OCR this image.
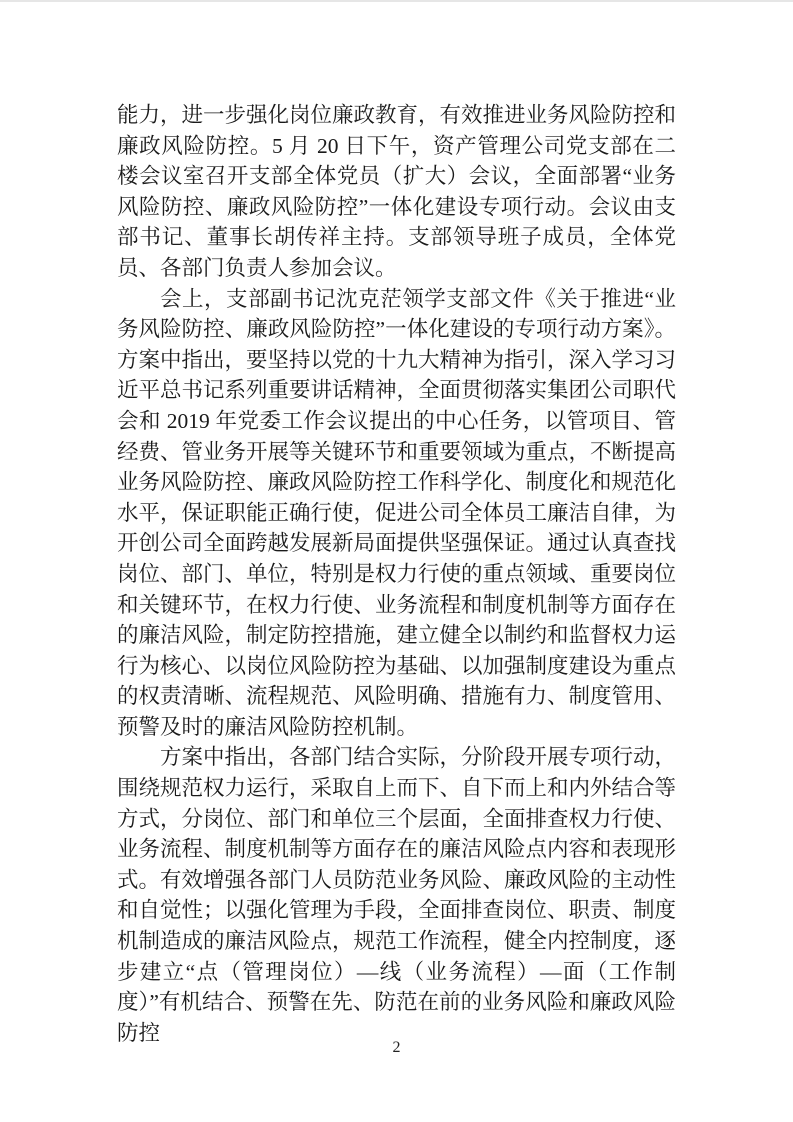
能力，进一步强化岗位廉政教育，有效推进业务风险防控和廉政风险防控。5 月 20 日下午，资产管理公司党支部在二楼会议室召开支部全体党员（扩大）会议，全面部署“业务风险防控、廉政风险防控”一体化建设专项行动。会议由支部书记、董事长胡传祥主持。支部领导班子成员，全体党员、各部门负责人参加会议。

会上，支部副书记沈克茫领学支部文件《关于推进“业务风险防控、廉政风险防控”一体化建设的专项行动方案》。方案中指出，要坚持以党的十九大精神为指引，深入学习习近平总书记系列重要讲话精神，全面贯彻落实集团公司职代会和 2019 年党委工作会议提出的中心任务，以管项目、管经费、管业务开展等关键环节和重要领域为重点，不断提高业务风险防控、廉政风险防控工作科学化、制度化和规范化水平，保证职能正确行使，促进公司全体员工廉洁自律，为开创公司全面跨越发展新局面提供坚强保证。通过认真查找岗位、部门、单位，特别是权力行使的重点领域、重要岗位和关键环节，在权力行使、业务流程和制度机制等方面存在的廉洁风险，制定防控措施，建立健全以制约和监督权力运行为核心、以岗位风险防控为基础、以加强制度建设为重点的权责清晰、流程规范、风险明确、措施有力、制度管用、预警及时的廉洁风险防控机制。

方案中指出，各部门结合实际，分阶段开展专项行动，围绕规范权力运行，采取自上而下、自下而上和内外结合等方式，分岗位、部门和单位三个层面，全面排查权力行使、业务流程、制度机制等方面存在的廉洁风险点内容和表现形式。有效增强各部门人员防范业务风险、廉政风险的主动性和自觉性；以强化管理为手段，全面排查岗位、职责、制度机制造成的廉洁风险点，规范工作流程，健全内控制度，逐步建立“点（管理岗位）—线（业务流程）—面（工作制度）”有机结合、预警在先、防范在前的业务风险和廉政风险防控

2
